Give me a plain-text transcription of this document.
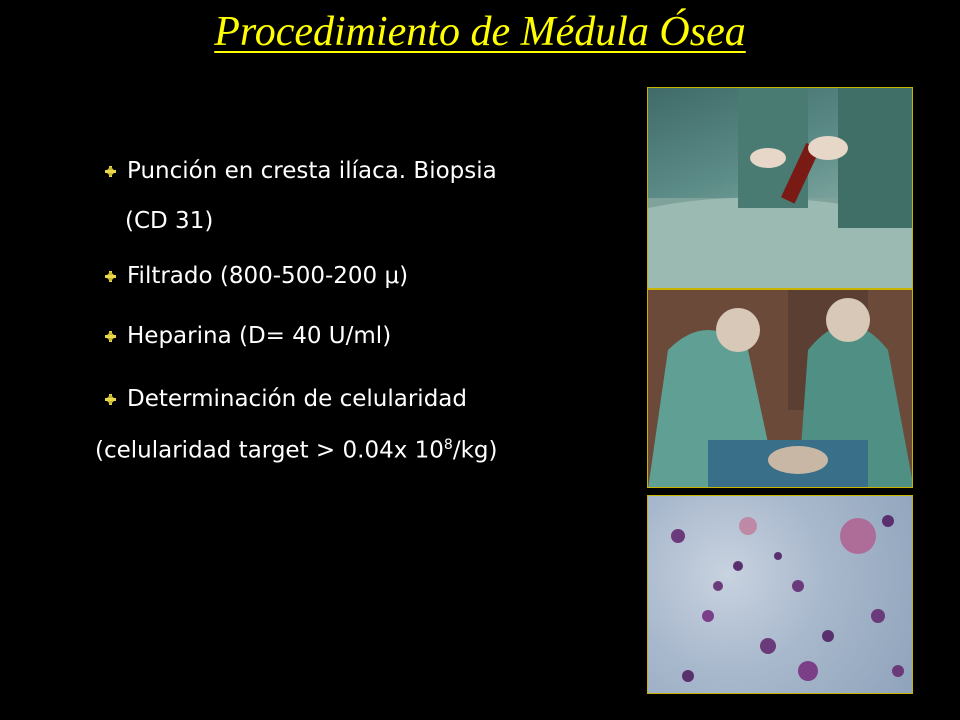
Procedimiento de Médula Ósea
Punción en cresta ilíaca. Biopsia
(CD 31)
Filtrado (800-500-200 μ)
Heparina (D= 40 U/ml)
Determinación de celularidad
(celularidad target > 0.04x $10^8/kg$)
